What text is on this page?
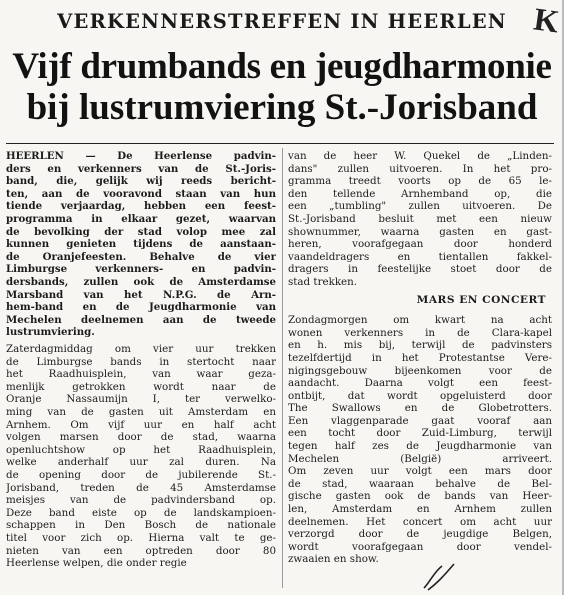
VERKENNERSTREFFEN IN HEERLEN
Vijf drumbands en jeugdharmonie
bij lustrumviering St.-Jorisband
K
HEERLEN — De Heerlense padvin-
ders en verkenners van de St.-Joris-
band, die, gelijk wij reeds bericht-
ten, aan de vooravond staan van hun
tiende verjaardag, hebben een feest-
programma in elkaar gezet, waarvan
de bevolking der stad volop mee zal
kunnen genieten tijdens de aanstaan-
de Oranjefeesten. Behalve de vier
Limburgse verkenners- en padvin-
dersbands, zullen ook de Amsterdamse
Marsband van het N.P.G. de Arn-
hem-band en de Jeugdharmonie van
Mechelen deelnemen aan de tweede
lustrumviering.
Zaterdagmiddag om vier uur trekken
de Limburgse bands in stertocht naar
het Raadhuisplein, van waar geza-
menlijk getrokken wordt naar de
Oranje Nassaumijn I, ter verwelko-
ming van de gasten uit Amsterdam en
Arnhem. Om vijf uur en half acht
volgen marsen door de stad, waarna
openluchtshow op het Raadhuisplein,
welke anderhalf uur zal duren. Na
de opening door de jubilerende St.-
Jorisband, treden de 45 Amsterdamse
meisjes van de padvindersband op.
Deze band eiste op de landskampioen-
schappen in Den Bosch de nationale
titel voor zich op. Hierna valt te ge-
nieten van een optreden door 80
Heerlense welpen, die onder regie
van de heer W. Quekel de „Linden-
dans" zullen uitvoeren. In het pro-
gramma treedt voorts op de 65 le-
den tellende Arnhemband op, die
een „tumbling" zullen uitvoeren. De
St.-Jorisband besluit met een nieuw
shownummer, waarna gasten en gast-
heren, voorafgegaan door honderd
vaandeldragers en tientallen fakkel-
dragers in feestelijke stoet door de
stad trekken.
MARS EN CONCERT
Zondagmorgen om kwart na acht
wonen verkenners in de Clara-kapel
en h. mis bij, terwijl de padvinsters
tezelfdertijd in het Protestantse Vere-
nigingsgebouw bijeenkomen voor de
aandacht. Daarna volgt een feest-
ontbijt, dat wordt opgeluisterd door
The Swallows en de Globetrotters.
Een vlaggenparade gaat vooraf aan
een tocht door Zuid-Limburg, terwijl
tegen half zes de Jeugdharmonie van
Mechelen (België) arriveert.
Om zeven uur volgt een mars door
de stad, waaraan behalve de Bel-
gische gasten ook de bands van Heer-
len, Amsterdam en Arnhem zullen
deelnemen. Het concert om acht uur
verzorgd door de jeugdige Belgen,
wordt voorafgegaan door vendel-
zwaaien en show.
